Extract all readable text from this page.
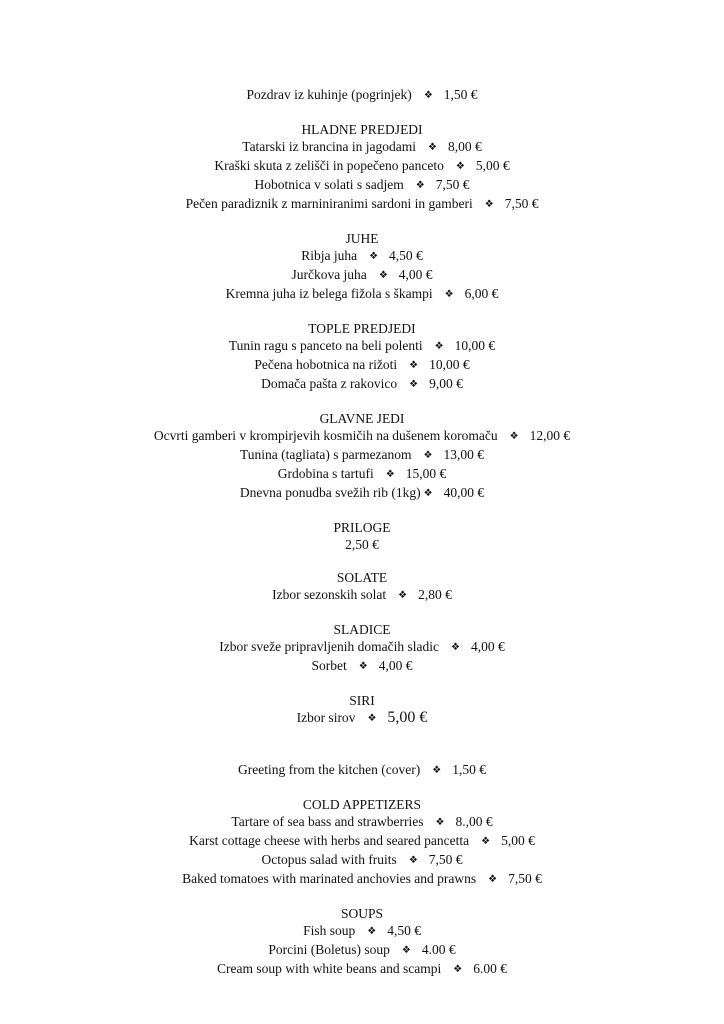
Pozdrav iz kuhinje (pogrinjek) ❖ 1,50 €
HLADNE PREDJEDI
Tatarski iz brancina in jagodami ❖ 8,00 €
Kraški skuta z zelišči in popečeno panceto ❖ 5,00 €
Hobotnica v solati s sadjem ❖ 7,50 €
Pečen paradiznik z marniniranimi sardoni in gamberi ❖ 7,50 €
JUHE
Ribja juha ❖ 4,50 €
Jurčkova juha ❖ 4,00 €
Kremna juha iz belega fižola s škampi ❖ 6,00 €
TOPLE PREDJEDI
Tunin ragu s panceto na beli polenti ❖ 10,00 €
Pečena hobotnica na rižoti ❖ 10,00 €
Domača pašta z rakovico ❖ 9,00 €
GLAVNE JEDI
Ocvrti gamberi v krompirjevih kosmičih na dušenem koromaču ❖ 12,00 €
Tunina (tagliata) s parmezanom ❖ 13,00 €
Grdobina s tartufi ❖ 15,00 €
Dnevna ponudba svežih rib (1kg) ❖ 40,00 €
PRILOGE
2,50 €
SOLATE
Izbor sezonskih solat ❖ 2,80 €
SLADICE
Izbor sveže pripravljenih domačih sladic ❖ 4,00 €
Sorbet ❖ 4,00 €
SIRI
Izbor sirov ❖ 5,00 €
Greeting from the kitchen (cover) ❖ 1,50 €
COLD APPETIZERS
Tartare of sea bass and strawberries ❖ 8.,00 €
Karst cottage cheese with herbs and seared pancetta ❖ 5,00 €
Octopus salad with fruits ❖ 7,50 €
Baked tomatoes with marinated anchovies and prawns ❖ 7,50 €
SOUPS
Fish soup ❖ 4,50 €
Porcini (Boletus) soup ❖ 4.00 €
Cream soup with white beans and scampi ❖ 6.00 €
